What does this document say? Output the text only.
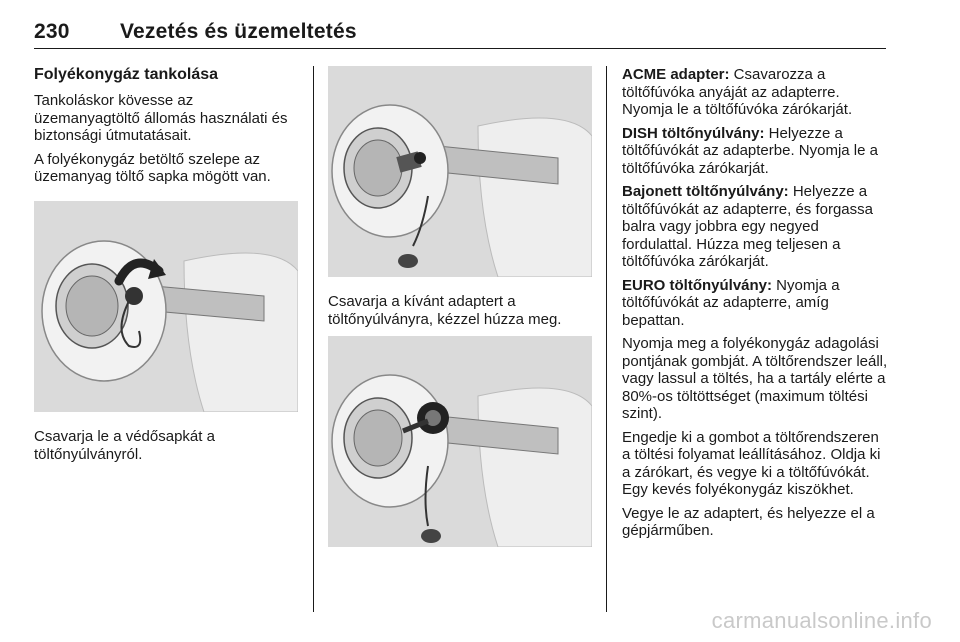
230 Vezetés és üzemeltetés
Folyékonygáz tankolása

Tankoláskor kövesse az üzemanyagtöltő állomás használati és biztonsági útmutatásait.

A folyékonygáz betöltő szelepe az üzemanyag töltő sapka mögött van.

Csavarja le a védősapkát a töltőnyúlványról.
Csavarja a kívánt adaptert a töltőnyúlványra, kézzel húzza meg.

ACME adapter: Csavarozza a töltőfúvóka anyáját az adapterre. Nyomja le a töltőfúvóka zárókarját.

DISH töltőnyúlvány: Helyezze a töltőfúvókát az adapterbe. Nyomja le a töltőfúvóka zárókarját.

Bajonett töltőnyúlvány: Helyezze a töltőfúvókát az adapterre, és forgassa balra vagy jobbra egy negyed fordulattal. Húzza meg teljesen a töltőfúvóka zárókarját.

EURO töltőnyúlvány: Nyomja a töltőfúvókát az adapterre, amíg bepattan.

Nyomja meg a folyékonygáz adagolási pontjának gombját. A töltőrendszer leáll, vagy lassul a töltés, ha a tartály elérte a 80%-os töltöttséget (maximum töltési szint).

Engedje ki a gombot a töltőrendszeren a töltési folyamat leállításához. Oldja ki a zárókart, és vegye ki a töltőfúvókát. Egy kevés folyékonygáz kiszökhet.

Vegye le az adaptert, és helyezze el a gépjárműben.

carmanualsonline.info
